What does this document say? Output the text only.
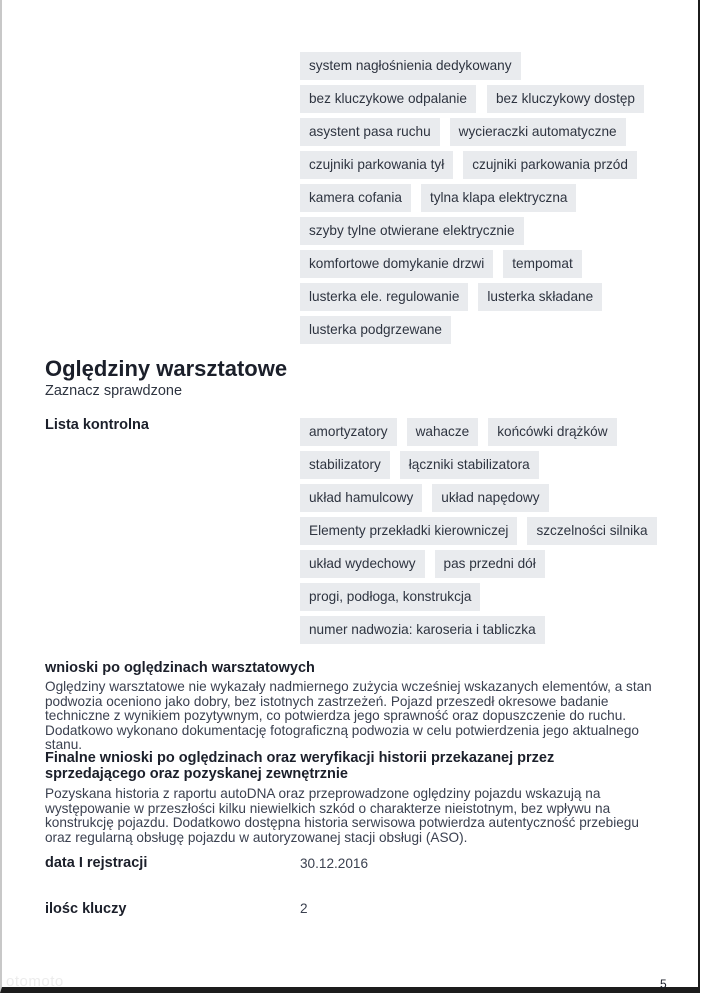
system nagłośnienia dedykowany
bez kluczykowe odpalanie	bez kluczykowy dostęp
asystent pasa ruchu	wycieraczki automatyczne
czujniki parkowania tył	czujniki parkowania przód
kamera cofania	tylna klapa elektryczna
szyby tylne otwierane elektrycznie
komfortowe domykanie drzwi	tempomat
lusterka ele. regulowanie	lusterka składane
lusterka podgrzewane
Oględziny warsztatowe
Zaznacz sprawdzone
Lista kontrolna	amortyzatory	wahacze	końcówki drążków
stabilizatory	łączniki stabilizatora
układ hamulcowy	układ napędowy
Elementy przekładki kierowniczej	szczelności silnika
układ wydechowy	pas przedni dół
progi, podłoga, konstrukcja
numer nadwozia: karoseria i tabliczka
wnioski po oględzinach warsztatowych
Oględziny warsztatowe nie wykazały nadmiernego zużycia wcześniej wskazanych elementów, a stan podwozia oceniono jako dobry, bez istotnych zastrzeżeń. Pojazd przeszedł okresowe badanie techniczne z wynikiem pozytywnym, co potwierdza jego sprawność oraz dopuszczenie do ruchu. Dodatkowo wykonano dokumentację fotograficzną podwozia w celu potwierdzenia jego aktualnego stanu.
Finalne wnioski po oględzinach oraz weryfikacji historii przekazanej przez sprzedającego oraz pozyskanej zewnętrznie
Pozyskana historia z raportu autoDNA oraz przeprowadzone oględziny pojazdu wskazują na występowanie w przeszłości kilku niewielkich szkód o charakterze nieistotnym, bez wpływu na konstrukcję pojazdu. Dodatkowo dostępna historia serwisowa potwierdza autentyczność przebiegu oraz regularną obsługę pojazdu w autoryzowanej stacji obsługi (ASO).
data I rejstracji	30.12.2016
ilośc kluczy	2
otomoto	5
